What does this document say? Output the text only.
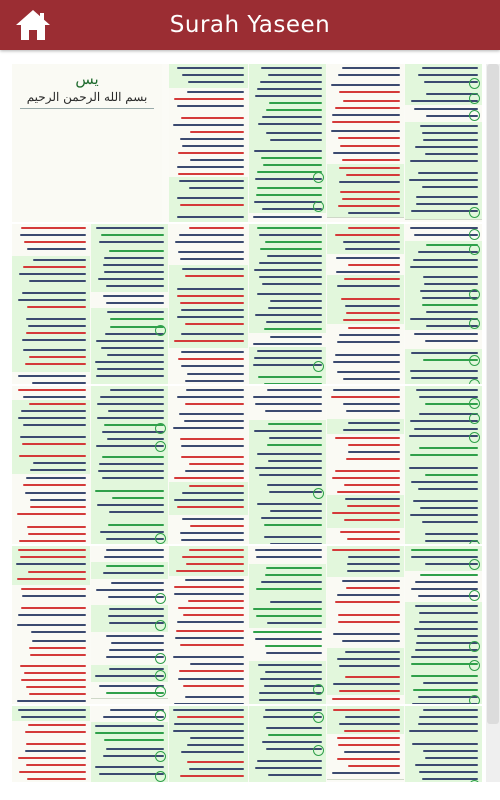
Surah Yaseen
يس
بسم الله الرحمن الرحيم
